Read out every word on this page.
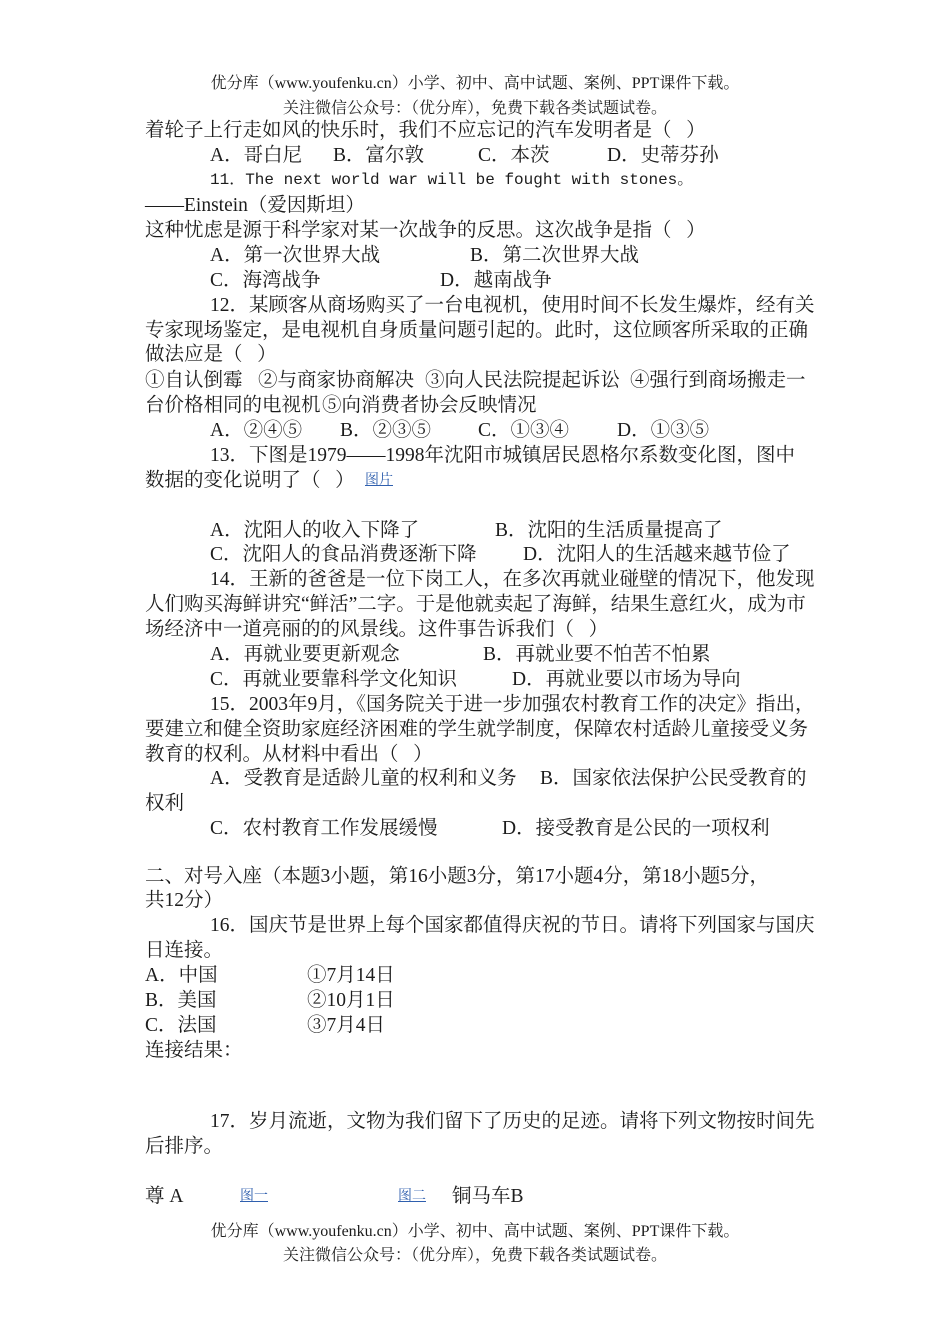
优分库（www.youfenku.cn）小学、初中、高中试题、案例、PPT课件下载。
关注微信公众号：（优分库），免费下载各类试题试卷。
着轮子上行走如风的快乐时，我们不应忘记的汽车发明者是（   ）
A．哥白尼 B．富尔敦	C．本茨	D．史蒂芬孙
11．The next world war will be fought with stones。
——Einstein（爱因斯坦）
这种忧虑是源于科学家对某一次战争的反思。这次战争是指（   ）
A．第一次世界大战	B．第二次世界大战
C．海湾战争	D．越南战争
12．某顾客从商场购买了一台电视机，使用时间不长发生爆炸，经有关
专家现场鉴定，是电视机自身质量问题引起的。此时，这位顾客所采取的正确
做法应是（   ）
①自认倒霉 ②与商家协商解决 ③向人民法院提起诉讼 ④强行到商场搬走一
台价格相同的电视机 ⑤向消费者协会反映情况
A．②④⑤ B．②③⑤ C．①③④ D．①③⑤
13．下图是1979——1998年沈阳市城镇居民恩格尔系数变化图，图中
数据的变化说明了（   ） 图片
A．沈阳人的收入下降了	B．沈阳的生活质量提高了
C．沈阳人的食品消费逐渐下降 D．沈阳人的生活越来越节俭了
14．王新的爸爸是一位下岗工人，在多次再就业碰壁的情况下，他发现
人们购买海鲜讲究“鲜活”二字。于是他就卖起了海鲜，结果生意红火，成为市
场经济中一道亮丽的的风景线。这件事告诉我们（   ）
A．再就业要更新观念	B．再就业要不怕苦不怕累
C．再就业要靠科学文化知识	D．再就业要以市场为导向
15．2003年9月，《国务院关于进一步加强农村教育工作的决定》指出，
要建立和健全资助家庭经济困难的学生就学制度，保障农村适龄儿童接受义务
教育的权利。从材料中看出（   ）
A．受教育是适龄儿童的权利和义务 B．国家依法保护公民受教育的
权利
C．农村教育工作发展缓慢	D．接受教育是公民的一项权利
二、对号入座（本题3小题，第16小题3分，第17小题4分，第18小题5分，
共12分）
16．国庆节是世界上每个国家都值得庆祝的节日。请将下列国家与国庆
日连接。
A．中国	①7月14日
B．美国	②10月1日
C．法国	③7月4日
连接结果：
17．岁月流逝，文物为我们留下了历史的足迹。请将下列文物按时间先
后排序。
尊 A	图一	图二 铜马车B
优分库（www.youfenku.cn）小学、初中、高中试题、案例、PPT课件下载。
关注微信公众号：（优分库），免费下载各类试题试卷。
